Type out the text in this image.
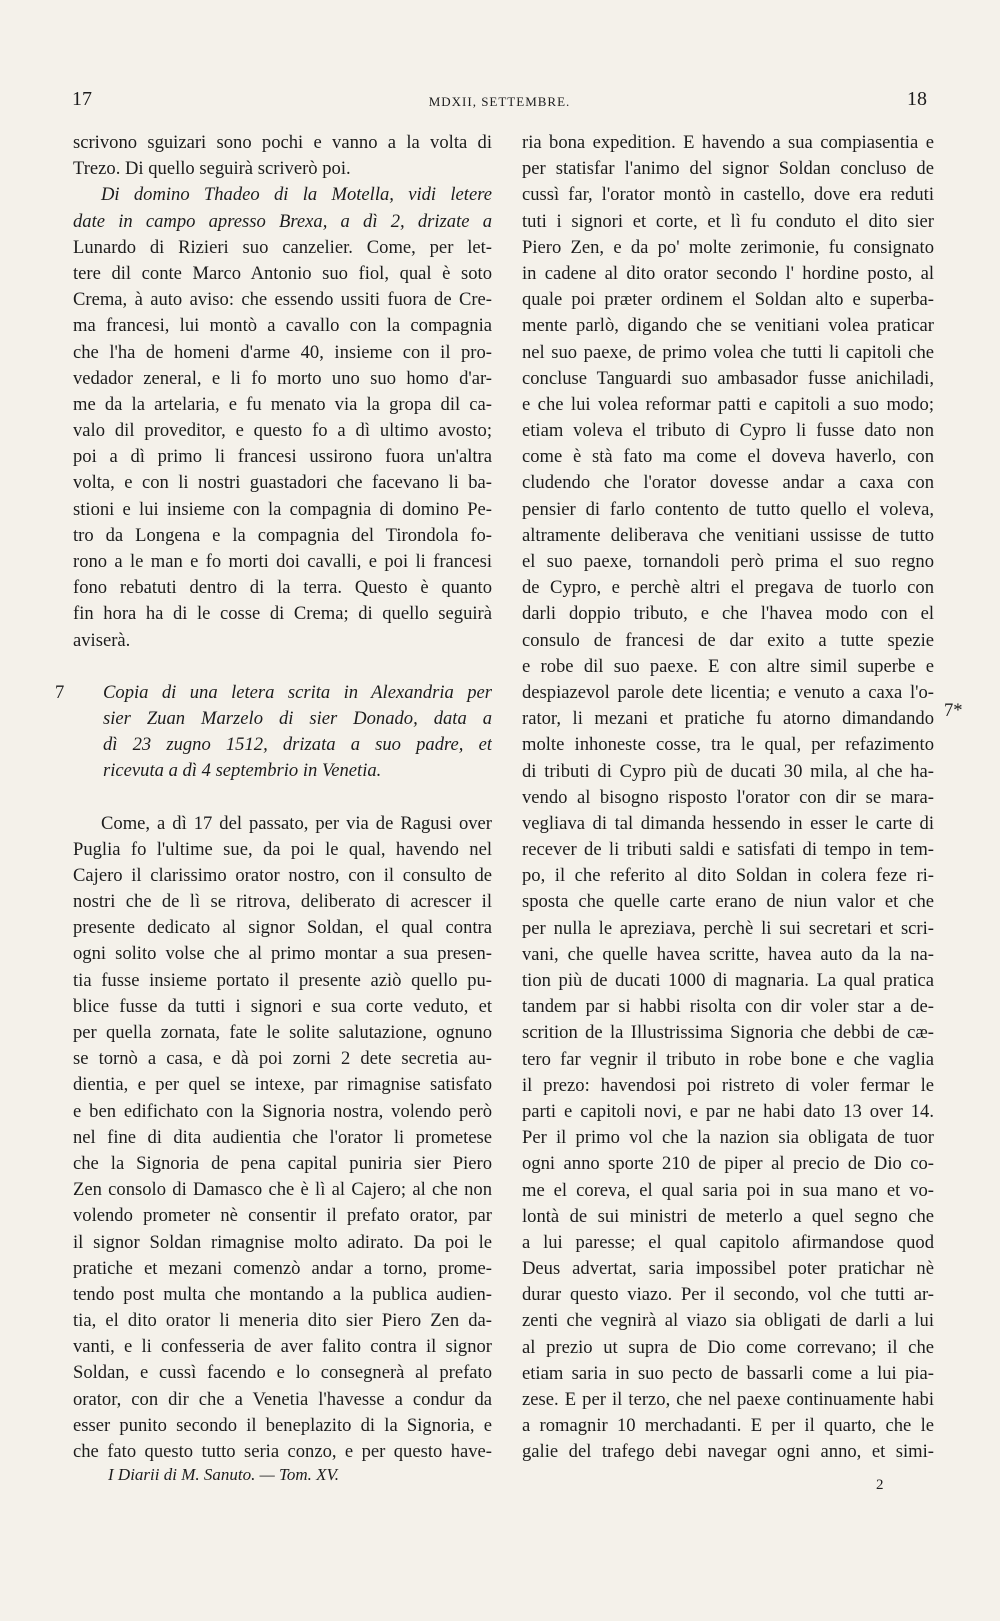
17	MDXII, SETTEMBRE.	18
scrivono sguizari sono pochi e vanno a la volta di
Trezo. Di quello seguirà scriverò poi.
Di domino Thadeo di la Motella, vidi letere
date in campo apresso Brexa, a dì 2, drizate a
Lunardo di Rizieri suo canzelier. Come, per let-
tere dil conte Marco Antonio suo fiol, qual è soto
Crema, à auto aviso: che essendo ussiti fuora de Cre-
ma francesi, lui montò a cavallo con la compagnia
che l'ha de homeni d'arme 40, insieme con il pro-
vedador zeneral, e li fo morto uno suo homo d'ar-
me da la artelaria, e fu menato via la gropa dil ca-
valo dil proveditor, e questo fo a dì ultimo avosto;
poi a dì primo li francesi ussirono fuora un'altra
volta, e con li nostri guastadori che facevano li ba-
stioni e lui insieme con la compagnia di domino Pe-
tro da Longena e la compagnia del Tirondola fo-
rono a le man e fo morti doi cavalli, e poi li francesi
fono rebatuti dentro di la terra. Questo è quanto
fin hora ha di le cosse di Crema; di quello seguirà
aviserà.
7 Copia di una letera scrita in Alexandria per
sier Zuan Marzelo di sier Donado, data a
dì 23 zugno 1512, drizata a suo padre, et
ricevuta a dì 4 septembrio in Venetia.
Come, a dì 17 del passato, per via de Ragusi over
Puglia fo l'ultime sue, da poi le qual, havendo nel
Cajero il clarissimo orator nostro, con il consulto de
nostri che de lì se ritrova, deliberato di acrescer il
presente dedicato al signor Soldan, el qual contra
ogni solito volse che al primo montar a sua presen-
tia fusse insieme portato il presente aziò quello pu-
blice fusse da tutti i signori e sua corte veduto, et
per quella zornata, fate le solite salutazione, ognuno
se tornò a casa, e dà poi zorni 2 dete secretia au-
dientia, e per quel se intexe, par rimagnise satisfato
e ben edifichato con la Signoria nostra, volendo però
nel fine di dita audientia che l'orator li prometese
che la Signoria de pena capital puniria sier Piero
Zen consolo di Damasco che è lì al Cajero; al che non
volendo prometer nè consentir il prefato orator, par
il signor Soldan rimagnise molto adirato. Da poi le
pratiche et mezani comenzò andar a torno, prome-
tendo post multa che montando a la publica audien-
tia, el dito orator li meneria dito sier Piero Zen da-
vanti, e li confesseria de aver falito contra il signor
Soldan, e cussì facendo e lo consegnerà al prefato
orator, con dir che a Venetia l'havesse a condur da
esser punito secondo il beneplazito di la Signoria, e
che fato questo tutto seria conzo, e per questo have-
ria bona expedition. E havendo a sua compiasentia e
per statisfar l'animo del signor Soldan concluso de
cussì far, l'orator montò in castello, dove era reduti
tuti i signori et corte, et lì fu conduto el dito sier
Piero Zen, e da po' molte zerimonie, fu consignato
in cadene al dito orator secondo l' hordine posto, al
quale poi præter ordinem el Soldan alto e superba-
mente parlò, digando che se venitiani volea praticar
nel suo paexe, de primo volea che tutti li capitoli che
concluse Tanguardi suo ambasador fusse anichiladi,
e che lui volea reformar patti e capitoli a suo modo;
etiam voleva el tributo di Cypro li fusse dato non
come è stà fato ma come el doveva haverlo, con
cludendo che l'orator dovesse andar a caxa con
pensier di farlo contento de tutto quello el voleva,
altramente deliberava che venitiani ussisse de tutto
el suo paexe, tornandoli però prima el suo regno
de Cypro, e perchè altri el pregava de tuorlo con
darli doppio tributo, e che l'havea modo con el
consulo de francesi de dar exito a tutte spezie
e robe dil suo paexe. E con altre simil superbe e
despiazevol parole dete licentia; e venuto a caxa l'o-
rator, li mezani et pratiche fu atorno dimandando
molte inhoneste cosse, tra le qual, per refazimento
di tributi di Cypro più de ducati 30 mila, al che ha-
vendo al bisogno risposto l'orator con dir se mara-
vegliava di tal dimanda hessendo in esser le carte di
recever de li tributi saldi e satisfati di tempo in tem-
po, il che referito al dito Soldan in colera feze ri-
sposta che quelle carte erano de niun valor et che
per nulla le apreziava, perchè li sui secretari et scri-
vani, che quelle havea scritte, havea auto da la na-
tion più de ducati 1000 di magnaria. La qual pratica
tandem par si habbi risolta con dir voler star a de-
scrition de la Illustrissima Signoria che debbi de cæ-
tero far vegnir il tributo in robe bone e che vaglia
il prezo: havendosi poi ristreto di voler fermar le
parti e capitoli novi, e par ne habi dato 13 over 14.
Per il primo vol che la nazion sia obligata de tuor
ogni anno sporte 210 de piper al precio de Dio co-
me el coreva, el qual saria poi in sua mano et vo-
lontà de sui ministri de meterlo a quel segno che
a lui paresse; el qual capitolo afirmandose quod
Deus advertat, saria impossibel poter pratichar nè
durar questo viazo. Per il secondo, vol che tutti ar-
zenti che vegnirà al viazo sia obligati de darli a lui
al prezio ut supra de Dio come correvano; il che
etiam saria in suo pecto de bassarli come a lui pia-
zese. E per il terzo, che nel paexe continuamente habi
a romagnir 10 merchadanti. E per il quarto, che le
galie del trafego debi navegar ogni anno, et simi-
7*
I Diarii di M. Sanuto. — Tom. XV.
2
